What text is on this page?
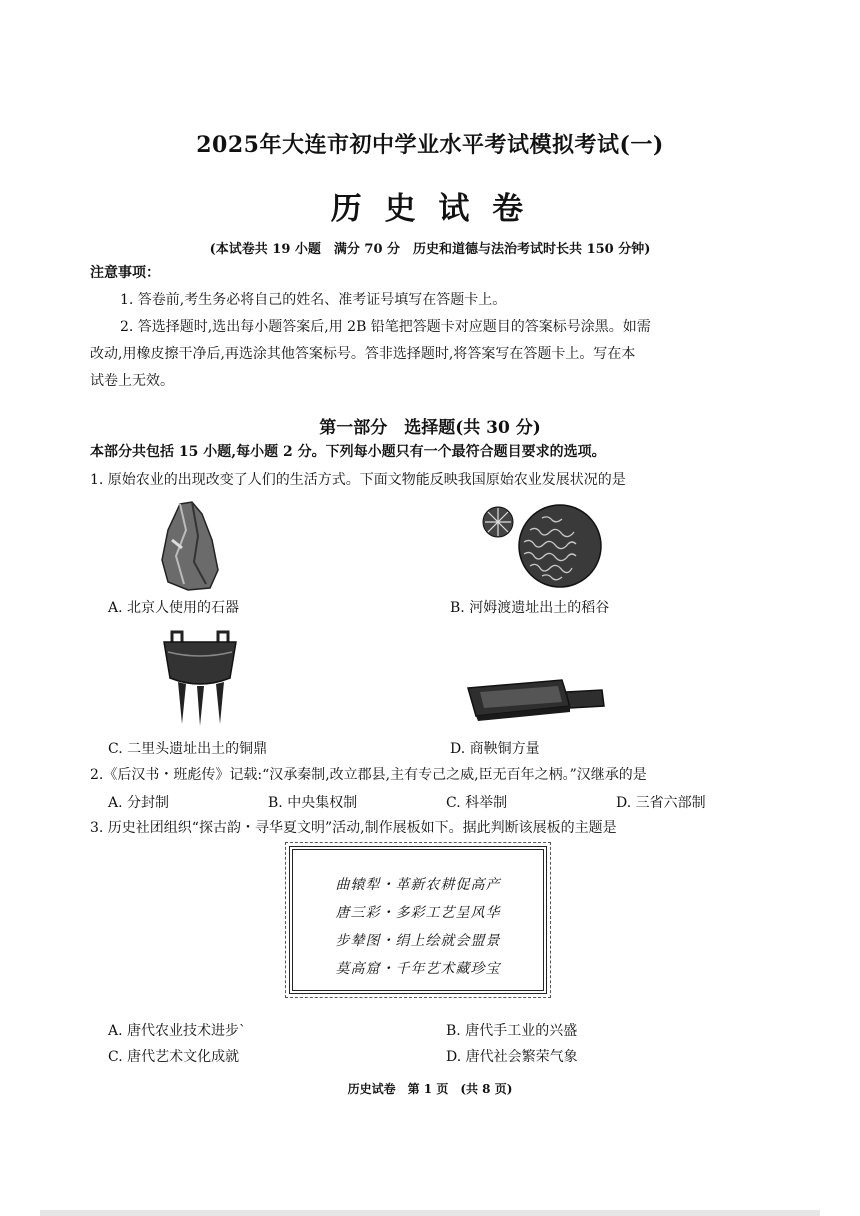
2025年大连市初中学业水平考试模拟考试(一)
历 史 试 卷
(本试卷共 19 小题　满分 70 分　历史和道德与法治考试时长共 150 分钟)
注意事项：
1. 答卷前,考生务必将自己的姓名、准考证号填写在答题卡上。
2. 答选择题时,选出每小题答案后,用 2B 铅笔把答题卡对应题目的答案标号涂黑。如需
改动,用橡皮擦干净后,再选涂其他答案标号。答非选择题时,将答案写在答题卡上。写在本
试卷上无效。
第一部分　选择题(共 30 分)
本部分共包括 15 小题,每小题 2 分。下列每小题只有一个最符合题目要求的选项。
1. 原始农业的出现改变了人们的生活方式。下面文物能反映我国原始农业发展状况的是
A. 北京人使用的石器	B. 河姆渡遗址出土的稻谷
C. 二里头遗址出土的铜鼎	D. 商鞅铜方量
2.《后汉书・班彪传》记载:“汉承秦制,改立郡县,主有专己之威,臣无百年之柄。”汉继承的是
A. 分封制	B. 中央集权制	C. 科举制	D. 三省六部制
3. 历史社团组织“探古韵・寻华夏文明”活动,制作展板如下。据此判断该展板的主题是
曲辕犁・革新农耕促高产
唐三彩・多彩工艺呈风华
步辇图・绢上绘就会盟景
莫高窟・千年艺术藏珍宝
A. 唐代农业技术进步`	B. 唐代手工业的兴盛
C. 唐代艺术文化成就	D. 唐代社会繁荣气象
历史试卷　第 1 页　(共 8 页)
